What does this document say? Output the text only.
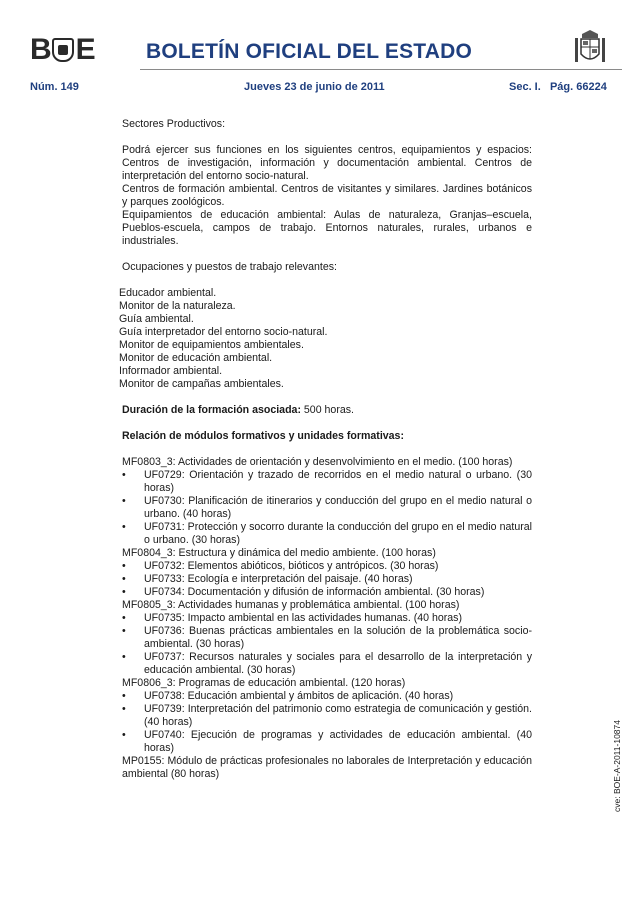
B E BOLETÍN OFICIAL DEL ESTADO
Núm. 149	Jueves 23 de junio de 2011	Sec. I.   Pág. 66224
cve: BOE-A-2011-10874

Sectores Productivos:

Podrá ejercer sus funciones en los siguientes centros, equipamientos y espacios:
Centros de investigación, información y documentación ambiental. Centros de
interpretación del entorno socio-natural.
Centros de formación ambiental. Centros de visitantes y similares. Jardines botánicos
y parques zoológicos.
Equipamientos de educación ambiental: Aulas de naturaleza, Granjas–escuela,
Pueblos-escuela, campos de trabajo. Entornos naturales, rurales, urbanos e
industriales.

Ocupaciones y puestos de trabajo relevantes:

Educador ambiental.
Monitor de la naturaleza.
Guía ambiental.
Guía interpretador del entorno socio-natural.
Monitor de equipamientos ambientales.
Monitor de educación ambiental.
Informador ambiental.
Monitor de campañas ambientales.

Duración de la formación asociada: 500 horas.

Relación de módulos formativos y unidades formativas:

MF0803_3: Actividades de orientación y desenvolvimiento en el medio. (100 horas)
•	UF0729: Orientación y trazado de recorridos en el medio natural o urbano. (30
horas)
•	UF0730: Planificación de itinerarios y conducción del grupo en el medio natural o
urbano. (40 horas)
•	UF0731: Protección y socorro durante la conducción del grupo en el medio natural
o urbano. (30 horas)
MF0804_3: Estructura y dinámica del medio ambiente. (100 horas)
•	UF0732: Elementos abióticos, bióticos y antrópicos. (30 horas)
•	UF0733: Ecología e interpretación del paisaje. (40 horas)
•	UF0734: Documentación y difusión de información ambiental. (30 horas)
MF0805_3: Actividades humanas y problemática ambiental. (100 horas)
•	UF0735: Impacto ambiental en las actividades humanas. (40 horas)
•	UF0736: Buenas prácticas ambientales en la solución de la problemática socio-
ambiental. (30 horas)
•	UF0737: Recursos naturales y sociales para el desarrollo de la interpretación y
educación ambiental. (30 horas)
MF0806_3: Programas de educación ambiental. (120 horas)
•	UF0738: Educación ambiental y ámbitos de aplicación. (40 horas)
•	UF0739: Interpretación del patrimonio como estrategia de comunicación y gestión.
(40 horas)
•	UF0740: Ejecución de programas y actividades de educación ambiental. (40
horas)
MP0155: Módulo de prácticas profesionales no laborales de Interpretación y educación
ambiental (80 horas)
